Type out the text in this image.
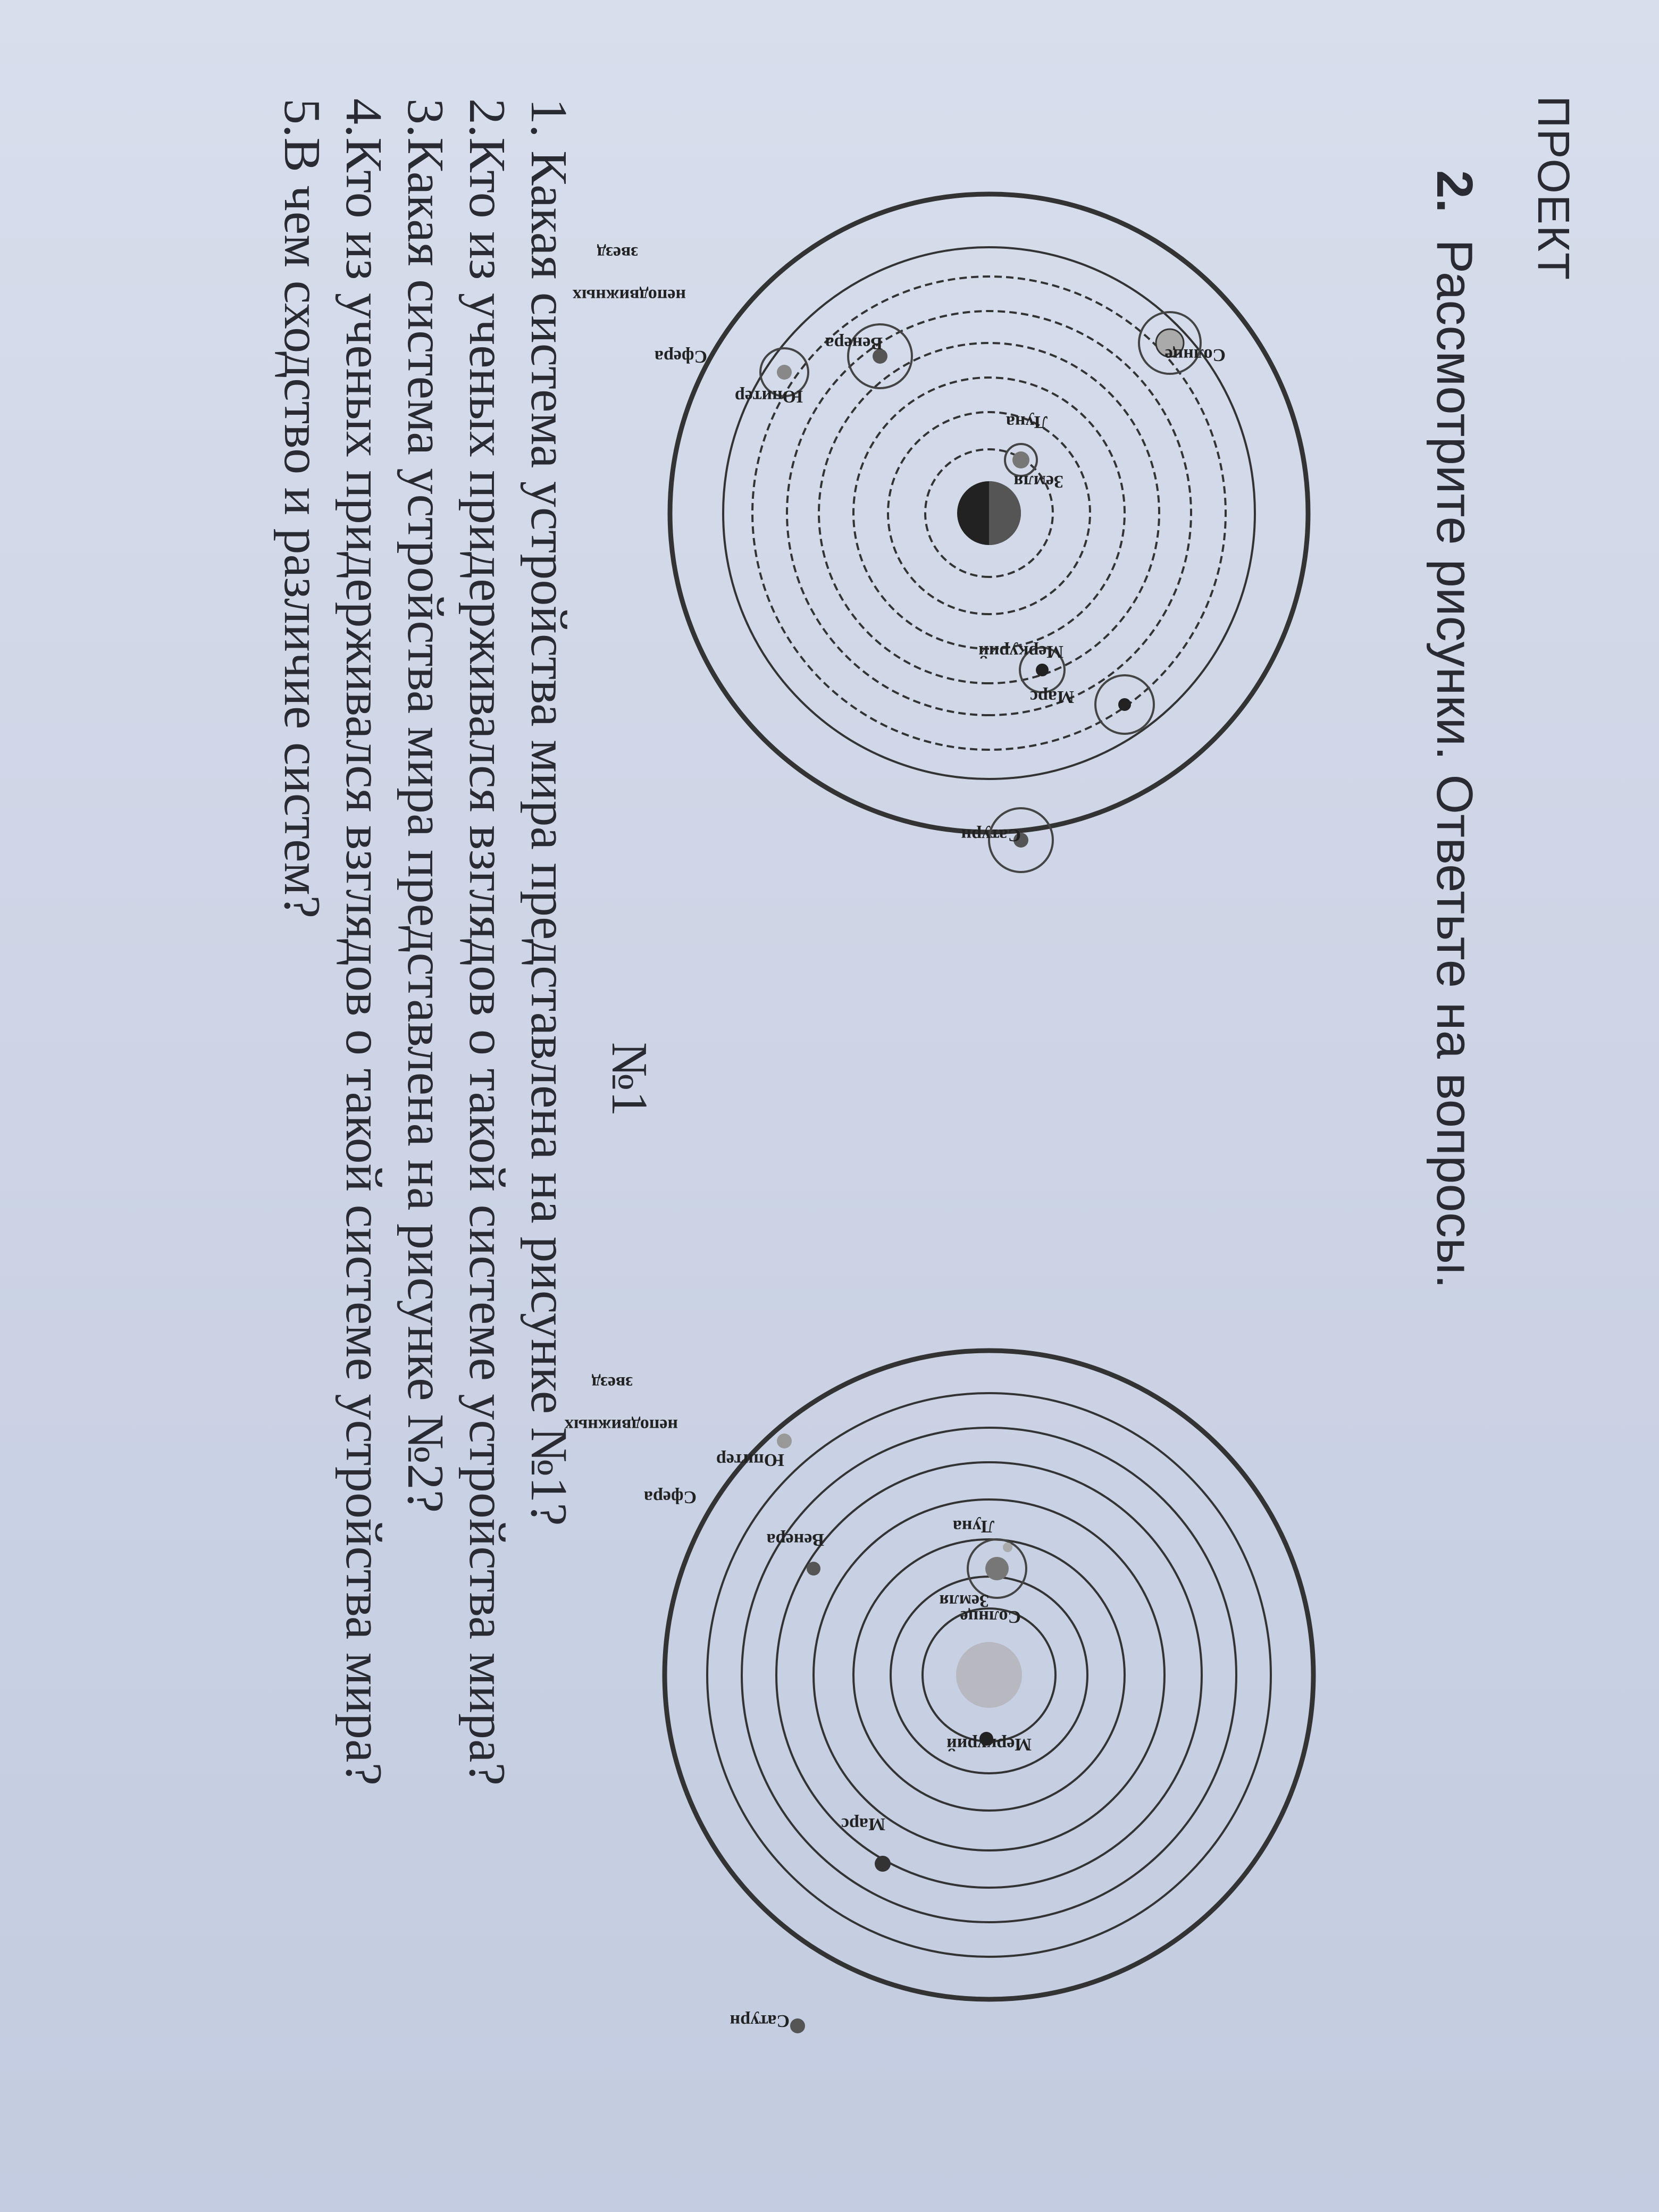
ПРОЕКТ
2.
Рассмотрите рисунки. Ответьте на вопросы.
Земля
Луна
Меркурий
Венера
Солнце
Марс
Юпитер
Сатурн
Сфера
неподвижных
звезд
№1
Солнце
Меркурий
Венера
Земля
Луна
Марс
Юпитер
Сатурн
Сфера
неподвижных
звезд
1. Какая система устройства мира представлена на рисунке №1?
2.Кто из ученых придерживался взглядов о такой системе устройства мира?
3.Какая система устройства мира представлена на рисунке №2?
4.Кто из ученых придерживался взглядов о такой системе устройства мира?
5.В чем сходство и различие систем?
